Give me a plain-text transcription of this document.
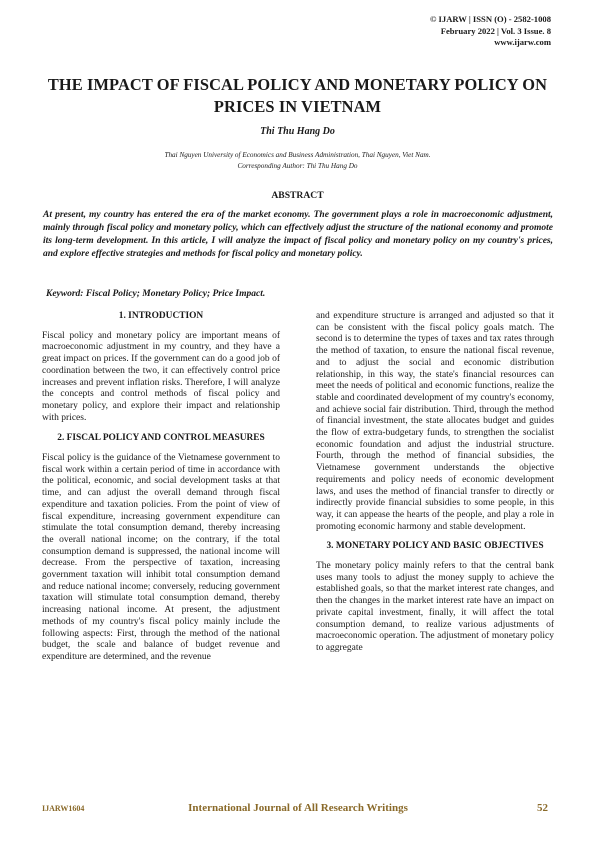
© IJARW | ISSN (O) - 2582-1008
February 2022 | Vol. 3 Issue. 8
www.ijarw.com
THE IMPACT OF FISCAL POLICY AND MONETARY POLICY ON
PRICES IN VIETNAM
Thi Thu Hang Do
Thai Nguyen University of Economics and Business Administration, Thai Nguyen, Viet Nam.
Corresponding Author: Thi Thu Hang Do
ABSTRACT
At present, my country has entered the era of the market economy. The government plays a role in macroeconomic adjustment, mainly through fiscal policy and monetary policy, which can effectively adjust the structure of the national economy and promote its long-term development. In this article, I will analyze the impact of fiscal policy and monetary policy on my country's prices, and explore effective strategies and methods for fiscal policy and monetary policy.
Keyword: Fiscal Policy; Monetary Policy; Price Impact.
1. INTRODUCTION

Fiscal policy and monetary policy are important means of macroeconomic adjustment in my country, and they have a great impact on prices. If the government can do a good job of coordination between the two, it can effectively control price increases and prevent inflation risks. Therefore, I will analyze the concepts and control methods of fiscal policy and monetary policy, and explore their impact and relationship with prices.

2. FISCAL POLICY AND CONTROL MEASURES

Fiscal policy is the guidance of the Vietnamese government to fiscal work within a certain period of time in accordance with the political, economic, and social development tasks at that time, and can adjust the overall demand through fiscal expenditure and taxation policies. From the point of view of fiscal expenditure, increasing government expenditure can stimulate the total consumption demand, thereby increasing the overall national income; on the contrary, if the total consumption demand is suppressed, the national income will decrease. From the perspective of taxation, increasing government taxation will inhibit total consumption demand and reduce national income; conversely, reducing government taxation will stimulate total consumption demand, thereby increasing national income. At present, the adjustment methods of my country's fiscal policy mainly include the following aspects: First, through the method of the national budget, the scale and balance of budget revenue and expenditure are determined, and the revenue

and expenditure structure is arranged and adjusted so that it can be consistent with the fiscal policy goals match. The second is to determine the types of taxes and tax rates through the method of taxation, to ensure the national fiscal revenue, and to adjust the social and economic distribution relationship, in this way, the state's financial resources can meet the needs of political and economic functions, realize the stable and coordinated development of my country's economy, and achieve social fair distribution. Third, through the method of financial investment, the state allocates budget and guides the flow of extra-budgetary funds, to strengthen the socialist economic foundation and adjust the industrial structure. Fourth, through the method of financial subsidies, the Vietnamese government understands the objective requirements and policy needs of economic development laws, and uses the method of financial transfer to directly or indirectly provide financial subsidies to some people, in this way, it can appease the hearts of the people, and play a role in promoting economic harmony and stable development.

3. MONETARY POLICY AND BASIC OBJECTIVES

The monetary policy mainly refers to that the central bank uses many tools to adjust the money supply to achieve the established goals, so that the market interest rate changes, and then the changes in the market interest rate have an impact on private capital investment, finally, it will affect the total consumption demand, to realize various adjustments of macroeconomic operation. The adjustment of monetary policy to aggregate

IJARW1604	International Journal of All Research Writings	52
